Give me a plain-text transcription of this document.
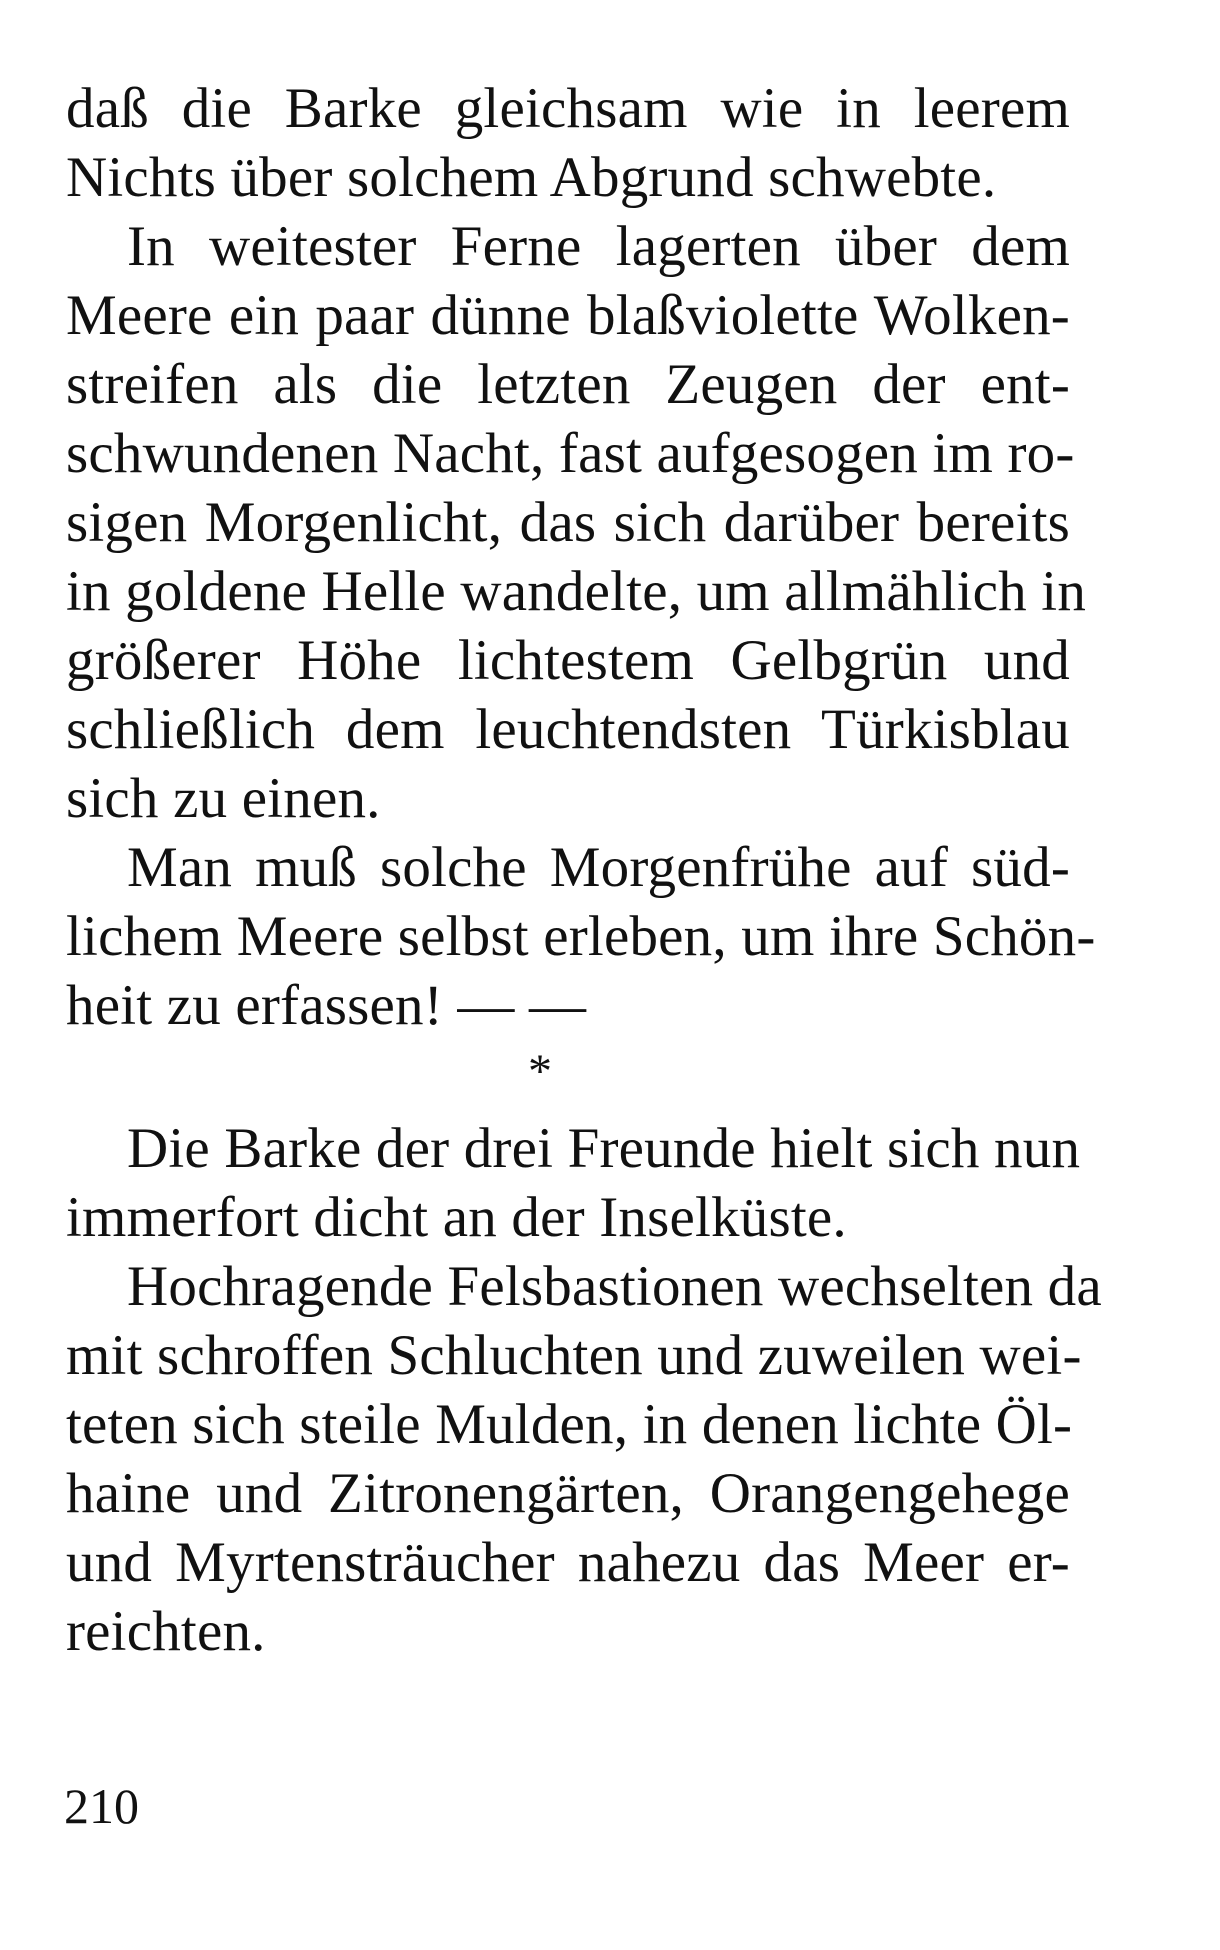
daß die Barke gleichsam wie in leerem
Nichts über solchem Abgrund schwebte.
In weitester Ferne lagerten über dem
Meere ein paar dünne blaßviolette Wolken-
streifen als die letzten Zeugen der ent-
schwundenen Nacht, fast aufgesogen im ro-
sigen Morgenlicht, das sich darüber bereits
in goldene Helle wandelte, um allmählich in
größerer Höhe lichtestem Gelbgrün und
schließlich dem leuchtendsten Türkisblau
sich zu einen.
Man muß solche Morgenfrühe auf süd-
lichem Meere selbst erleben, um ihre Schön-
heit zu erfassen! — —
*
Die Barke der drei Freunde hielt sich nun
immerfort dicht an der Inselküste.
Hochragende Felsbastionen wechselten da
mit schroffen Schluchten und zuweilen wei-
teten sich steile Mulden, in denen lichte Öl-
haine und Zitronengärten, Orangengehege
und Myrtensträucher nahezu das Meer er-
reichten.
210
